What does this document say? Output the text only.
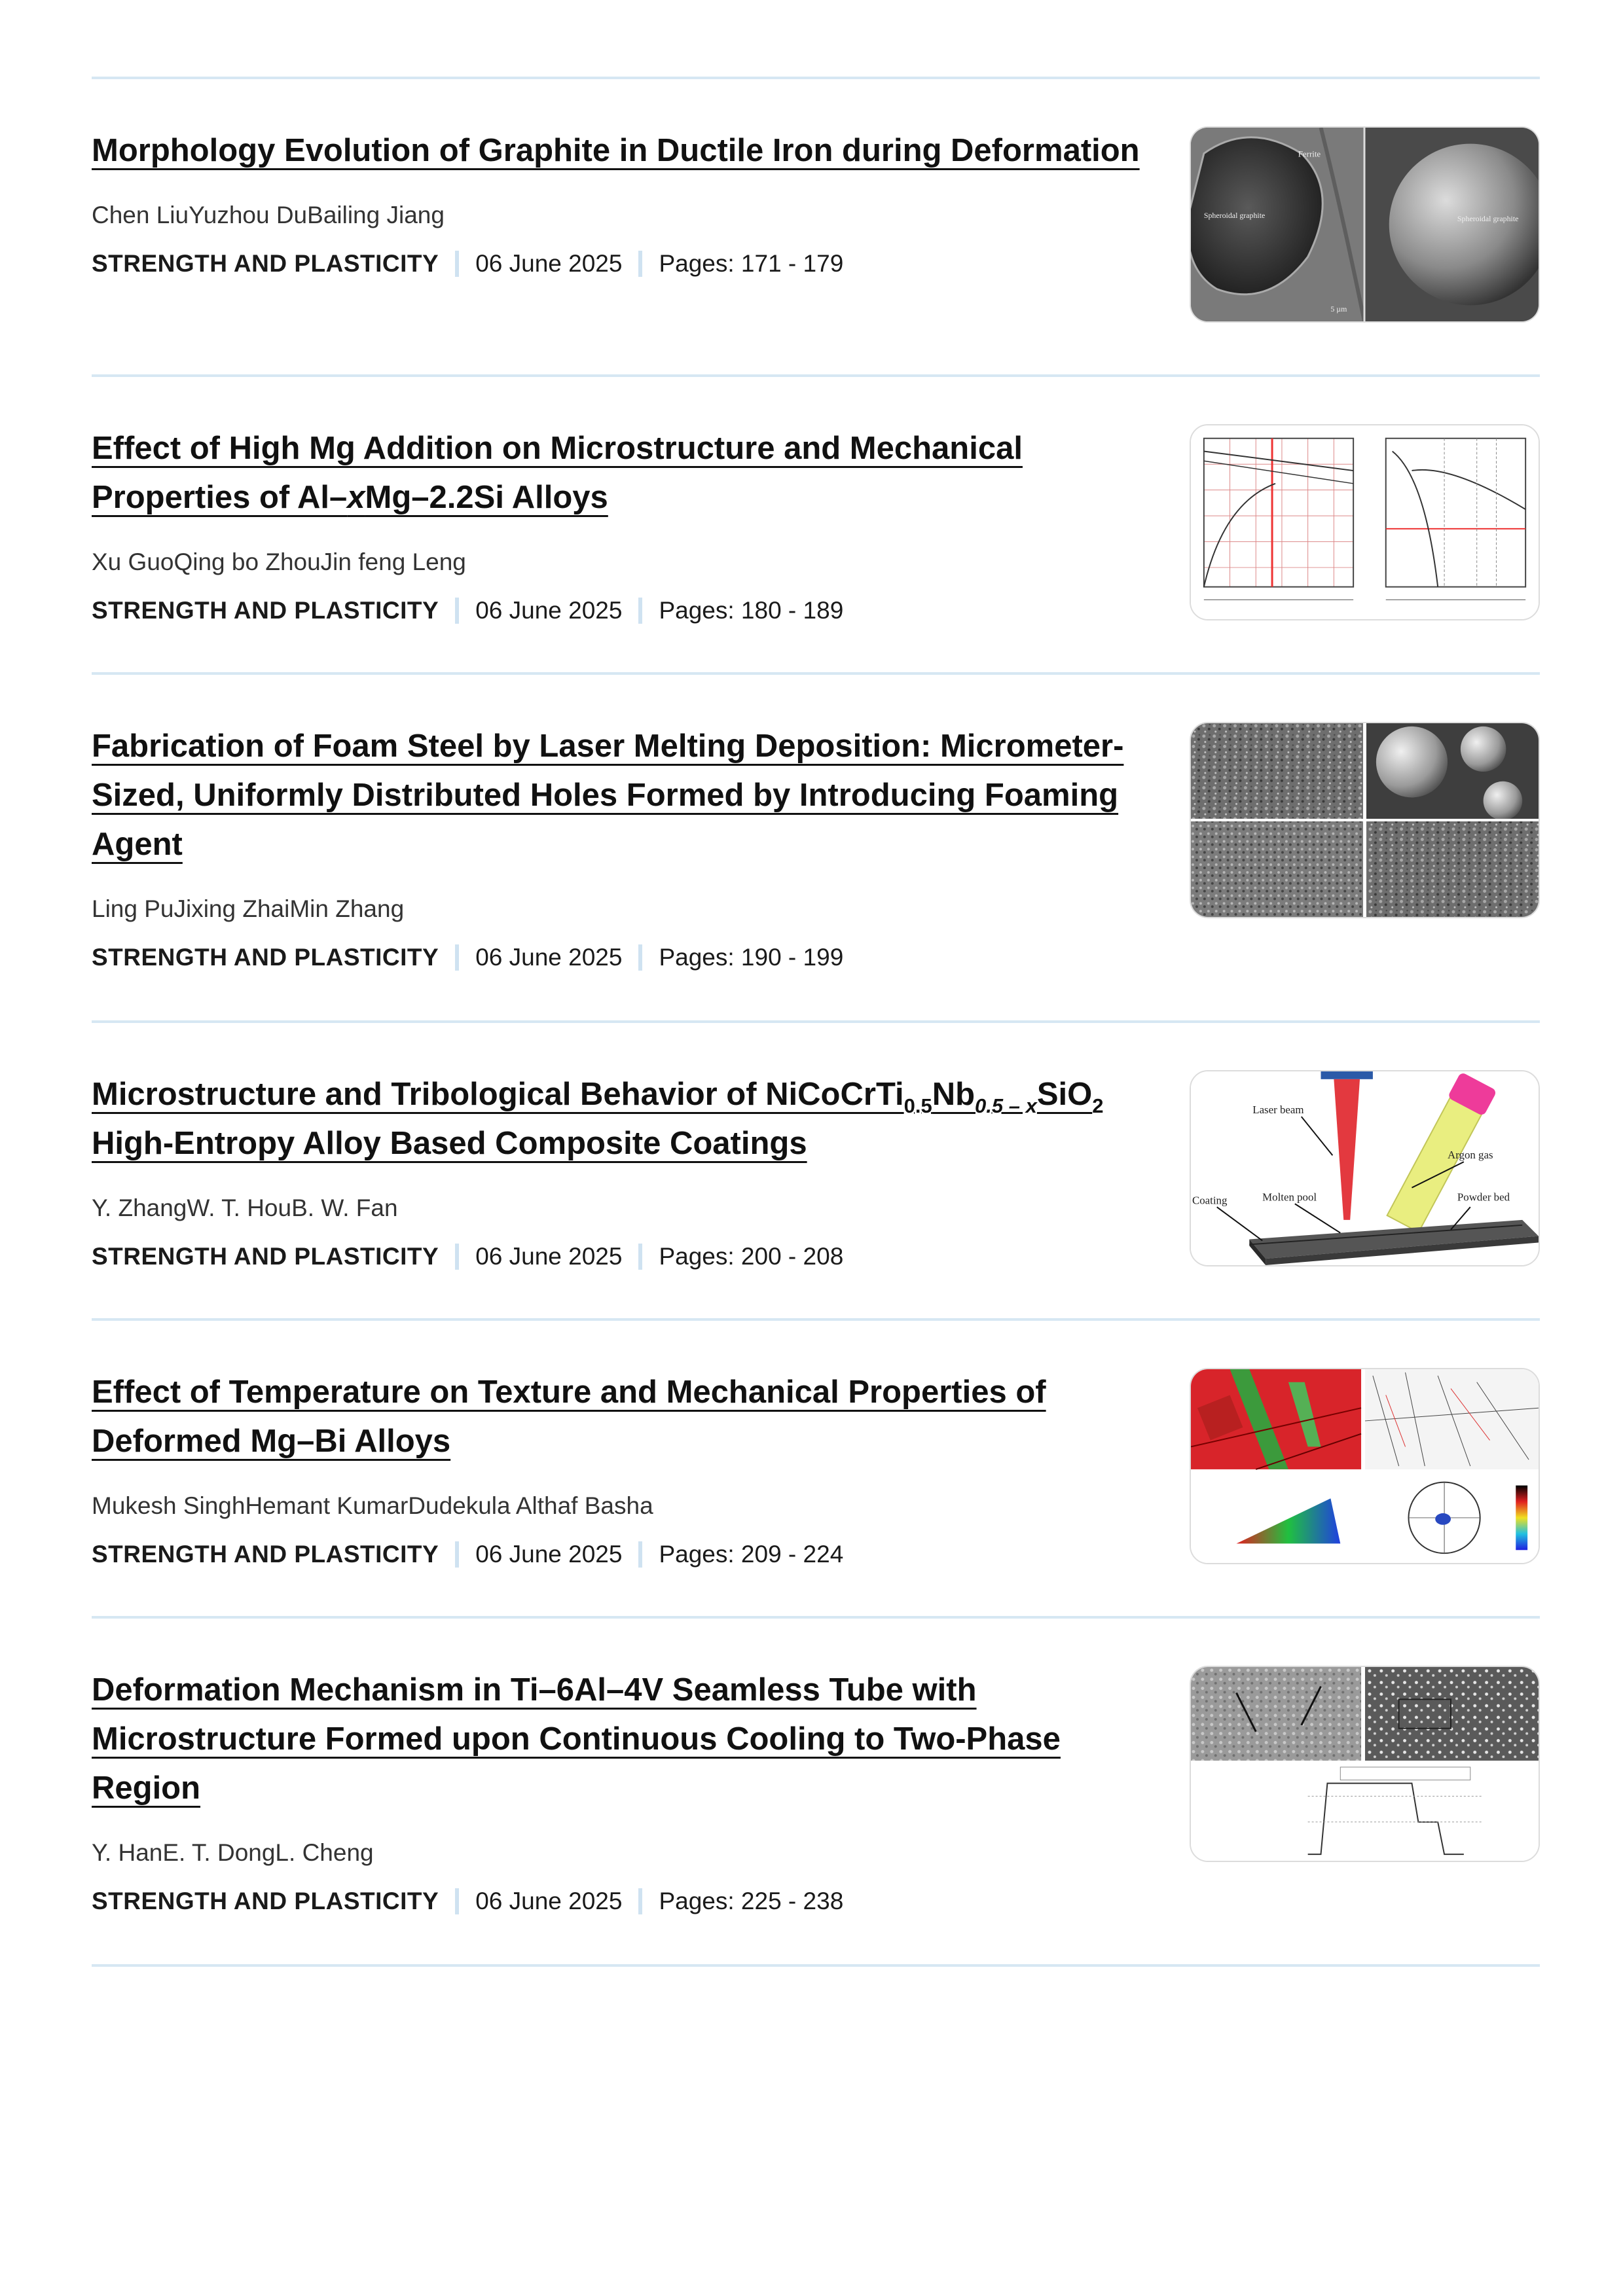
Morphology Evolution of Graphite in Ductile Iron during Deformation
Chen LiuYuzhou DuBailing Jiang
STRENGTH AND PLASTICITY 06 June 2025 Pages: 171 - 179
Ferrite
Spheroidal graphite	Spheroidal graphite
5 µm
Effect of High Mg Addition on Microstructure and Mechanical Properties of Al–xMg–2.2Si Alloys
Xu GuoQing bo ZhouJin feng Leng
STRENGTH AND PLASTICITY 06 June 2025 Pages: 180 - 189
Fabrication of Foam Steel by Laser Melting Deposition: Micrometer-Sized, Uniformly Distributed Holes Formed by Introducing Foaming Agent
Ling PuJixing ZhaiMin Zhang
STRENGTH AND PLASTICITY 06 June 2025 Pages: 190 - 199
Microstructure and Tribological Behavior of $NiCoCrTi_{0.5}Nb_{0.5 - x}SiO_2$ High-Entropy Alloy Based Composite Coatings
Y. ZhangW. T. HouB. W. Fan
STRENGTH AND PLASTICITY 06 June 2025 Pages: 200 - 208
Laser beam
Argon gas
Coating	Molten pool	Powder bed
Effect of Temperature on Texture and Mechanical Properties of Deformed Mg–Bi Alloys
Mukesh SinghHemant KumarDudekula Althaf Basha
STRENGTH AND PLASTICITY 06 June 2025 Pages: 209 - 224
Deformation Mechanism in Ti–6Al–4V Seamless Tube with Microstructure Formed upon Continuous Cooling to Two-Phase Region
Y. HanE. T. DongL. Cheng
STRENGTH AND PLASTICITY 06 June 2025 Pages: 225 - 238
